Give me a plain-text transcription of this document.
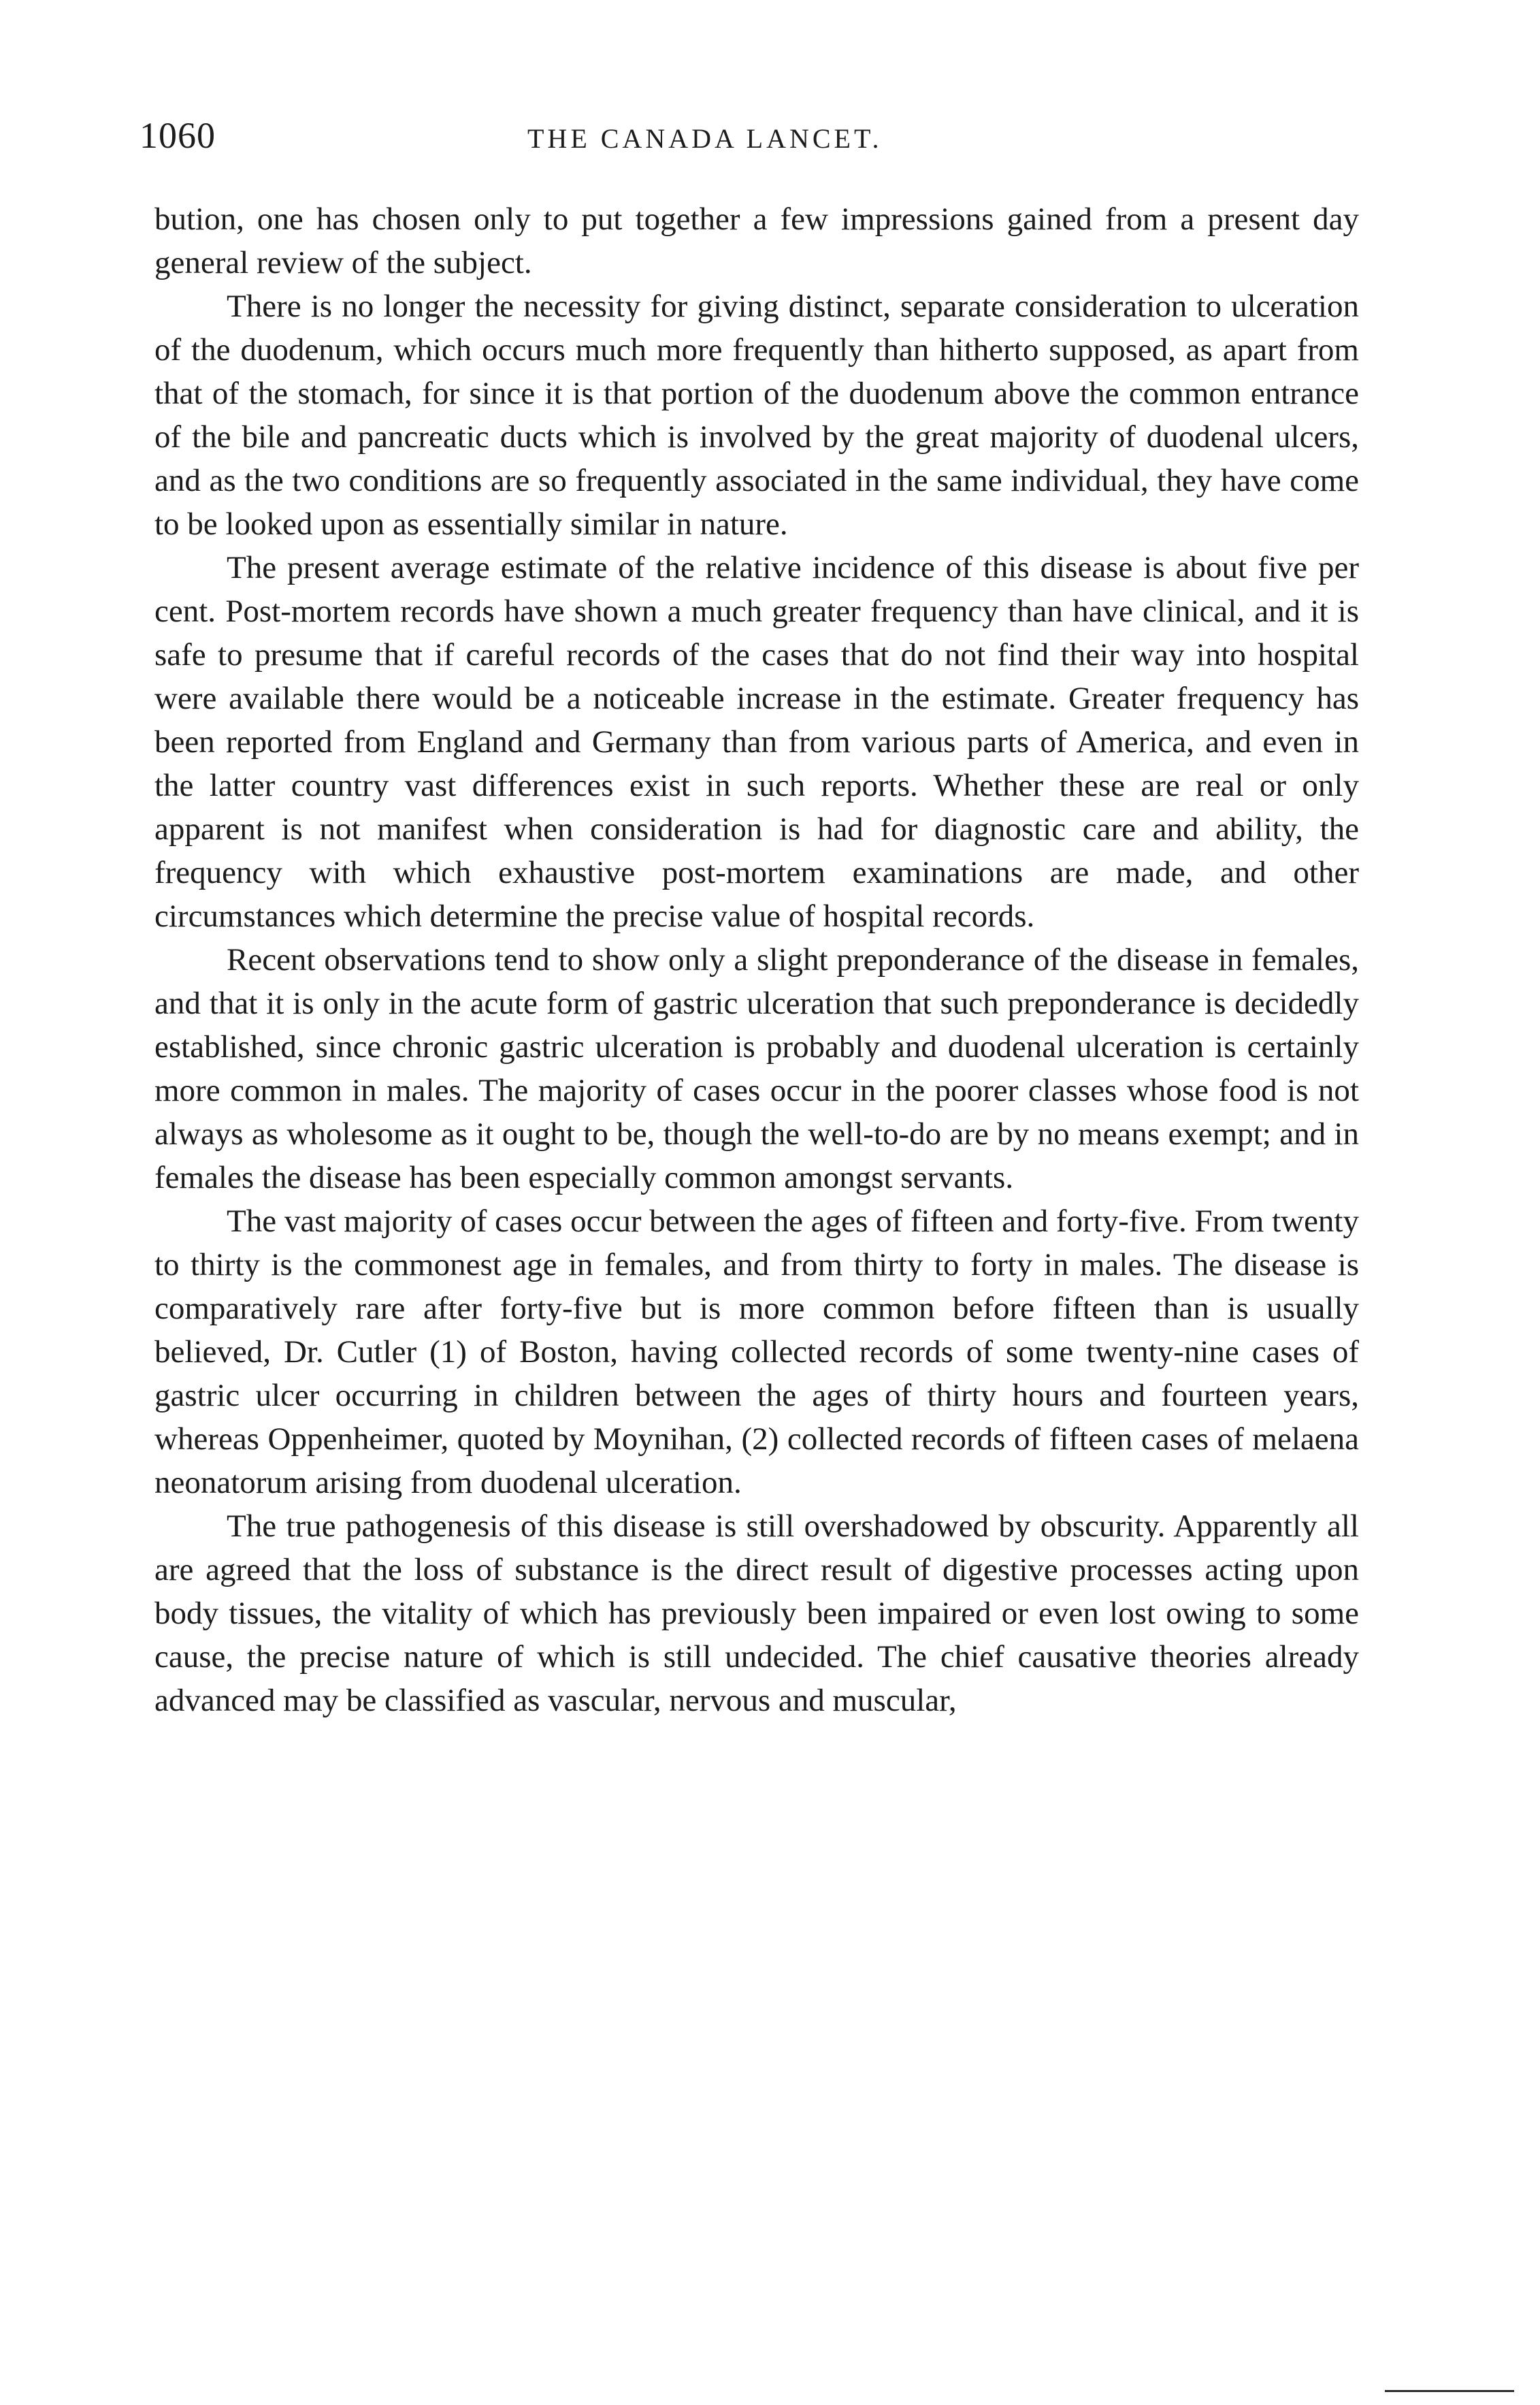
1060	THE CANADA LANCET.

bution, one has chosen only to put together a few impressions gained from a present day general review of the subject.

There is no longer the necessity for giving distinct, separate consideration to ulceration of the duodenum, which occurs much more frequently than hitherto supposed, as apart from that of the stomach, for since it is that portion of the duodenum above the common entrance of the bile and pancreatic ducts which is involved by the great majority of duodenal ulcers, and as the two conditions are so frequently associated in the same individual, they have come to be looked upon as essentially similar in nature.

The present average estimate of the relative incidence of this disease is about five per cent. Post-mortem records have shown a much greater frequency than have clinical, and it is safe to presume that if careful records of the cases that do not find their way into hospital were available there would be a noticeable increase in the estimate. Greater frequency has been reported from England and Germany than from various parts of America, and even in the latter country vast differences exist in such reports. Whether these are real or only apparent is not manifest when consideration is had for diagnostic care and ability, the frequency with which exhaustive post-mortem examinations are made, and other circumstances which determine the precise value of hospital records.

Recent observations tend to show only a slight preponderance of the disease in females, and that it is only in the acute form of gastric ulceration that such preponderance is decidedly established, since chronic gastric ulceration is probably and duodenal ulceration is certainly more common in males. The majority of cases occur in the poorer classes whose food is not always as wholesome as it ought to be, though the well-to-do are by no means exempt; and in females the disease has been especially common amongst servants.

The vast majority of cases occur between the ages of fifteen and forty-five. From twenty to thirty is the commonest age in females, and from thirty to forty in males. The disease is comparatively rare after forty-five but is more common before fifteen than is usually believed, Dr. Cutler (1) of Boston, having collected records of some twenty-nine cases of gastric ulcer occurring in children between the ages of thirty hours and fourteen years, whereas Oppenheimer, quoted by Moynihan, (2) collected records of fifteen cases of melaena neonatorum arising from duodenal ulceration.

The true pathogenesis of this disease is still overshadowed by obscurity. Apparently all are agreed that the loss of substance is the direct result of digestive processes acting upon body tissues, the vitality of which has previously been impaired or even lost owing to some cause, the precise nature of which is still undecided. The chief causative theories already advanced may be classified as vascular, nervous and muscular,
